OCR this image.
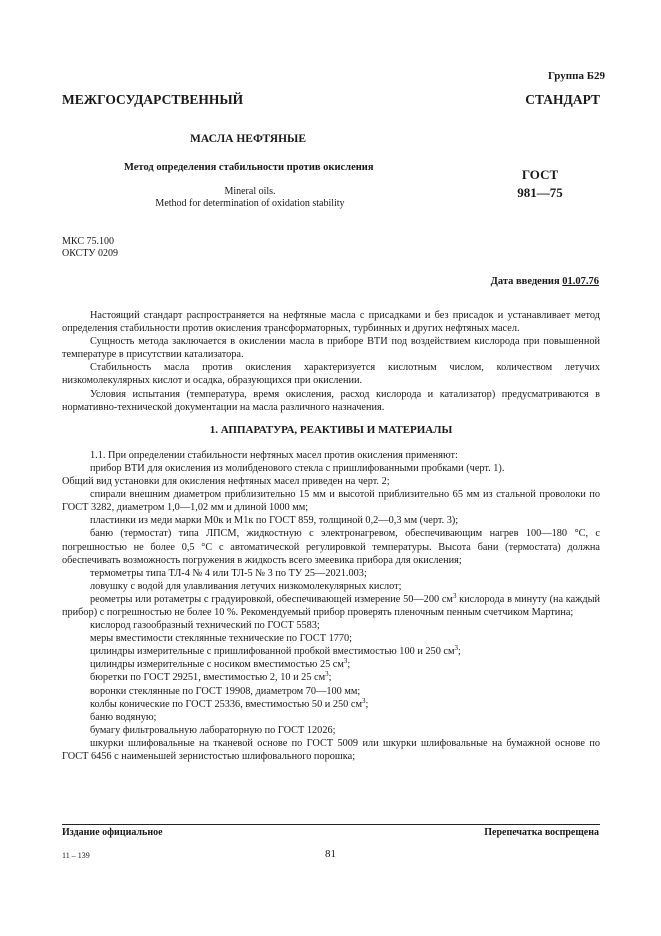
Группа Б29
МЕЖГОСУДАРСТВЕННЫЙ СТАНДАРТ
МАСЛА НЕФТЯНЫЕ
Метод определения стабильности против окисления
Mineral oils.
Method for determination of oxidation stability
ГОСТ
981—75
МКС 75.100
ОКСТУ 0209
Дата введения 01.07.76

Настоящий стандарт распространяется на нефтяные масла с присадками и без присадок и устанавливает метод определения стабильности против окисления трансформаторных, турбинных и других нефтяных масел.

Сущность метода заключается в окислении масла в приборе ВТИ под воздействием кислорода при повышенной температуре в присутствии катализатора.

Стабильность масла против окисления характеризуется кислотным числом, количеством летучих низкомолекулярных кислот и осадка, образующихся при окислении.

Условия испытания (температура, время окисления, расход кислорода и катализатор) предусматриваются в нормативно-технической документации на масла различного назначения.

1. АППАРАТУРА, РЕАКТИВЫ И МАТЕРИАЛЫ

1.1. При определении стабильности нефтяных масел против окисления применяют:

прибор ВТИ для окисления из молибденового стекла с пришлифованными пробками (черт. 1).

Общий вид установки для окисления нефтяных масел приведен на черт. 2;

спирали внешним диаметром приблизительно 15 мм и высотой приблизительно 65 мм из стальной проволоки по ГОСТ 3282, диаметром 1,0—1,02 мм и длиной 1000 мм;

пластинки из меди марки М0к и М1к по ГОСТ 859, толщиной 0,2—0,3 мм (черт. 3);

баню (термостат) типа ЛПСМ, жидкостную с электронагревом, обеспечивающим нагрев 100—180 °С, с погрешностью не более 0,5 °С с автоматической регулировкой температуры. Высота бани (термостата) должна обеспечивать возможность погружения в жидкость всего змеевика прибора для окисления;

термометры типа ТЛ-4 № 4 или ТЛ-5 № 3 по ТУ 25—2021.003;

ловушку с водой для улавливания летучих низкомолекулярных кислот;

реометры или ротаметры с градуировкой, обеспечивающей измерение 50—200 $см^3$ кислорода в минуту (на каждый прибор) с погрешностью не более 10 %. Рекомендуемый прибор проверять пленочным пенным счетчиком Мартина;

кислород газообразный технический по ГОСТ 5583;

меры вместимости стеклянные технические по ГОСТ 1770;

цилиндры измерительные с пришлифованной пробкой вместимостью 100 и 250 $см^3$;

цилиндры измерительные с носиком вместимостью 25 $см^3$;

бюретки по ГОСТ 29251, вместимостью 2, 10 и 25 $см^3$;

воронки стеклянные по ГОСТ 19908, диаметром 70—100 мм;

колбы конические по ГОСТ 25336, вместимостью 50 и 250 $см^3$;

баню водяную;

бумагу фильтровальную лабораторную по ГОСТ 12026;

шкурки шлифовальные на тканевой основе по ГОСТ 5009 или шкурки шлифовальные на бумажной основе по ГОСТ 6456 с наименьшей зернистостью шлифовального порошка;

Издание официальное	Перепечатка воспрещена
11 – 139	81
